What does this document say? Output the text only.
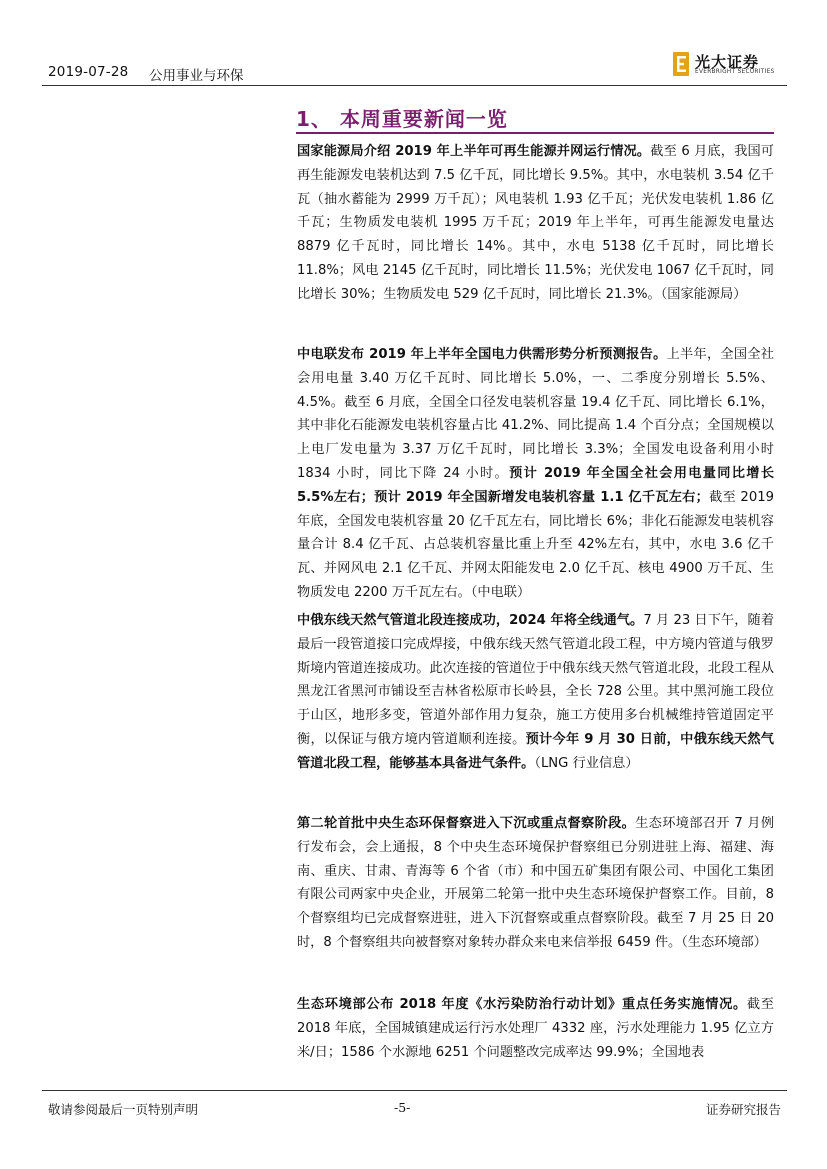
2019-07-28 公用事业与环保
光大证券
EVERBRIGHT SECURITIES
1、 本周重要新闻一览
国家能源局介绍 2019 年上半年可再生能源并网运行情况。截至 6 月底，我国可再生能源发电装机达到 7.5 亿千瓦，同比增长 9.5%。其中，水电装机 3.54 亿千瓦（抽水蓄能为 2999 万千瓦）；风电装机 1.93 亿千瓦；光伏发电装机 1.86 亿千瓦；生物质发电装机 1995 万千瓦；2019 年上半年，可再生能源发电量达 8879 亿千瓦时，同比增长 14%。其中，水电 5138 亿千瓦时，同比增长 11.8%；风电 2145 亿千瓦时，同比增长 11.5%；光伏发电 1067 亿千瓦时，同比增长 30%；生物质发电 529 亿千瓦时，同比增长 21.3%。（国家能源局）
中电联发布 2019 年上半年全国电力供需形势分析预测报告。上半年，全国全社会用电量 3.40 万亿千瓦时、同比增长 5.0%，一、二季度分别增长 5.5%、4.5%。截至 6 月底，全国全口径发电装机容量 19.4 亿千瓦、同比增长 6.1%，其中非化石能源发电装机容量占比 41.2%、同比提高 1.4 个百分点；全国规模以上电厂发电量为 3.37 万亿千瓦时，同比增长 3.3%；全国发电设备利用小时 1834 小时，同比下降 24 小时。预计 2019 年全国全社会用电量同比增长 5.5%左右；预计 2019 年全国新增发电装机容量 1.1 亿千瓦左右；截至 2019 年底，全国发电装机容量 20 亿千瓦左右，同比增长 6%；非化石能源发电装机容量合计 8.4 亿千瓦、占总装机容量比重上升至 42%左右，其中，水电 3.6 亿千瓦、并网风电 2.1 亿千瓦、并网太阳能发电 2.0 亿千瓦、核电 4900 万千瓦、生物质发电 2200 万千瓦左右。（中电联）
中俄东线天然气管道北段连接成功，2024 年将全线通气。7 月 23 日下午，随着最后一段管道接口完成焊接，中俄东线天然气管道北段工程，中方境内管道与俄罗斯境内管道连接成功。此次连接的管道位于中俄东线天然气管道北段，北段工程从黑龙江省黑河市铺设至吉林省松原市长岭县，全长 728 公里。其中黑河施工段位于山区，地形多变，管道外部作用力复杂，施工方使用多台机械维持管道固定平衡，以保证与俄方境内管道顺利连接。预计今年 9 月 30 日前，中俄东线天然气管道北段工程，能够基本具备进气条件。（LNG 行业信息）
第二轮首批中央生态环保督察进入下沉或重点督察阶段。生态环境部召开 7 月例行发布会，会上通报，8 个中央生态环境保护督察组已分别进驻上海、福建、海南、重庆、甘肃、青海等 6 个省（市）和中国五矿集团有限公司、中国化工集团有限公司两家中央企业，开展第二轮第一批中央生态环境保护督察工作。目前，8 个督察组均已完成督察进驻，进入下沉督察或重点督察阶段。截至 7 月 25 日 20 时，8 个督察组共向被督察对象转办群众来电来信举报 6459 件。（生态环境部）
生态环境部公布 2018 年度《水污染防治行动计划》重点任务实施情况。截至 2018 年底，全国城镇建成运行污水处理厂 4332 座，污水处理能力 1.95 亿立方米/日；1586 个水源地 6251 个问题整改完成率达 99.9%；全国地表
敬请参阅最后一页特别声明	-5-	证券研究报告
